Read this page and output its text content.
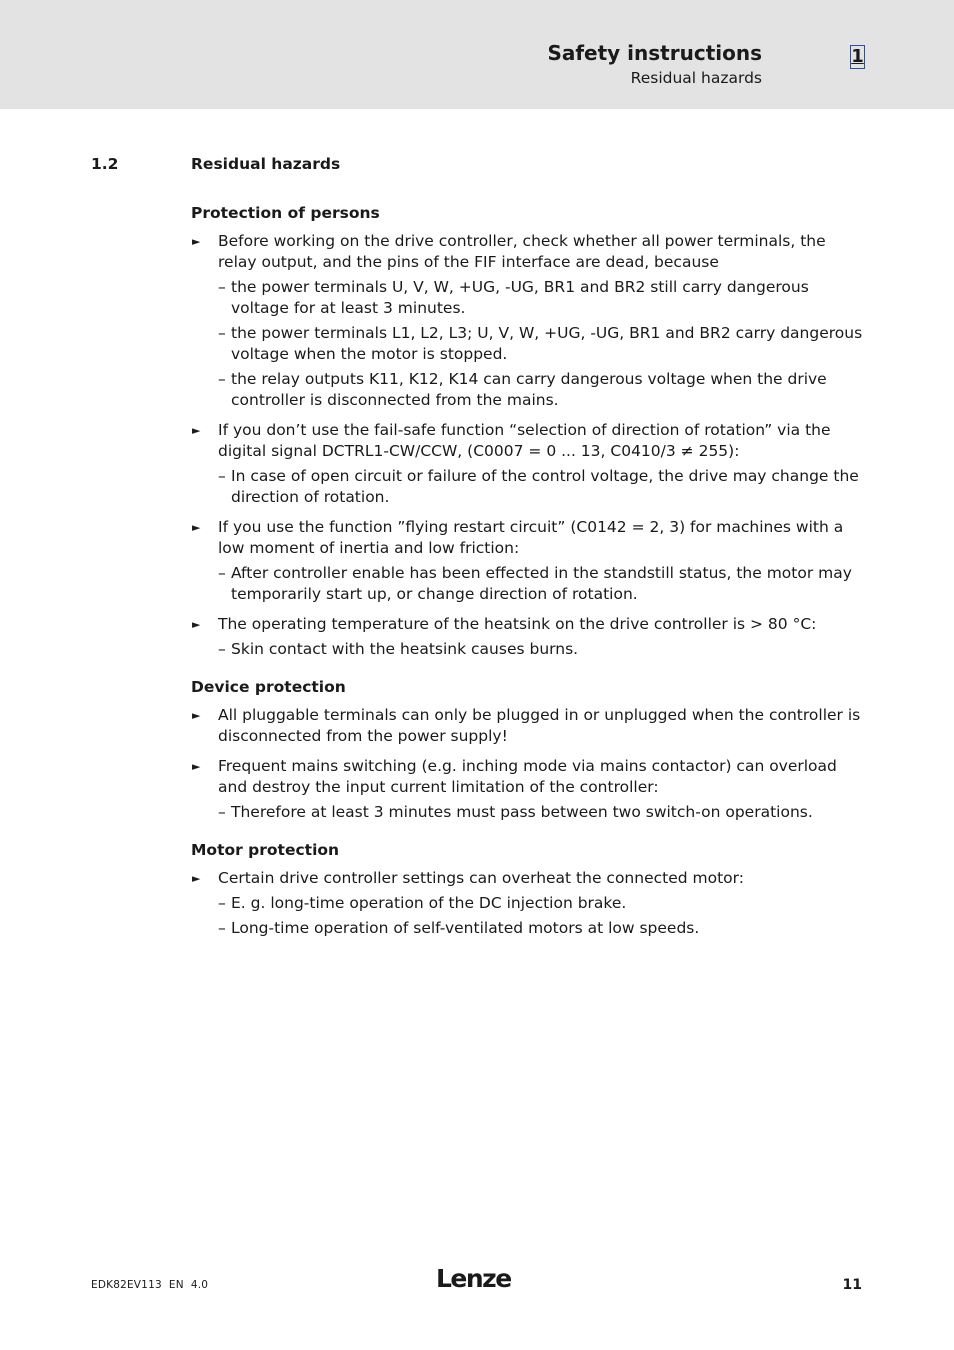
Safety instructions
Residual hazards
1
1.2	Residual hazards
Protection of persons
► Before working on the drive controller, check whether all power terminals, the relay output, and the pins of the FIF interface are dead, because
– the power terminals U, V, W, +UG, -UG, BR1 and BR2 still carry dangerous voltage for at least 3 minutes.
– the power terminals L1, L2, L3; U, V, W, +UG, -UG, BR1 and BR2 carry dangerous voltage when the motor is stopped.
– the relay outputs K11, K12, K14 can carry dangerous voltage when the drive controller is disconnected from the mains.
► If you don’t use the fail-safe function “selection of direction of rotation” via the digital signal DCTRL1-CW/CCW, (C0007 = 0 ... 13, C0410/3 ≠ 255):
– In case of open circuit or failure of the control voltage, the drive may change the direction of rotation.
► If you use the function ”flying restart circuit” (C0142 = 2, 3) for machines with a low moment of inertia and low friction:
– After controller enable has been effected in the standstill status, the motor may temporarily start up, or change direction of rotation.
► The operating temperature of the heatsink on the drive controller is > 80 °C:
– Skin contact with the heatsink causes burns.
Device protection
► All pluggable terminals can only be plugged in or unplugged when the controller is disconnected from the power supply!
► Frequent mains switching (e.g. inching mode via mains contactor) can overload and destroy the input current limitation of the controller:
– Therefore at least 3 minutes must pass between two switch-on operations.
Motor protection
► Certain drive controller settings can overheat the connected motor:
– E. g. long-time operation of the DC injection brake.
– Long-time operation of self-ventilated motors at low speeds.
EDK82EV113  EN  4.0	Lenze	11
